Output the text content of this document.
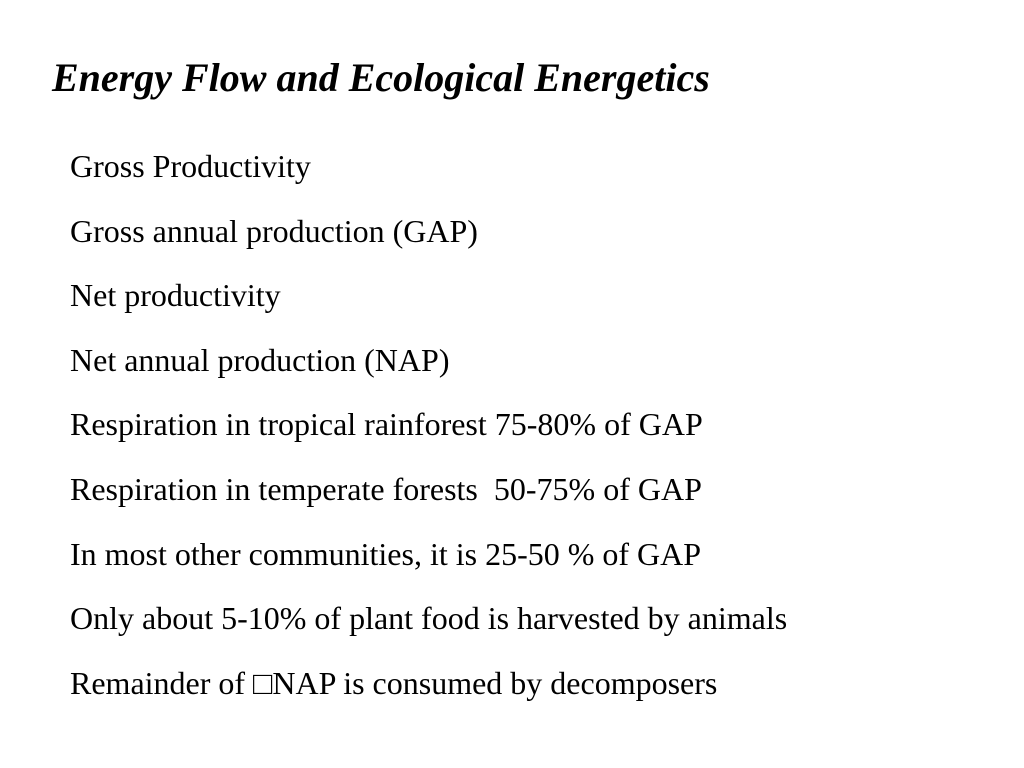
Energy Flow and Ecological Energetics
Gross Productivity
Gross annual production (GAP)
Net productivity
Net annual production (NAP)
Respiration in tropical rainforest 75-80% of GAP
Respiration in temperate forests  50-75% of GAP
In most other communities, it is 25-50 % of GAP
Only about 5-10% of plant food is harvested by animals
Remainder of □NAP is consumed by decomposers
